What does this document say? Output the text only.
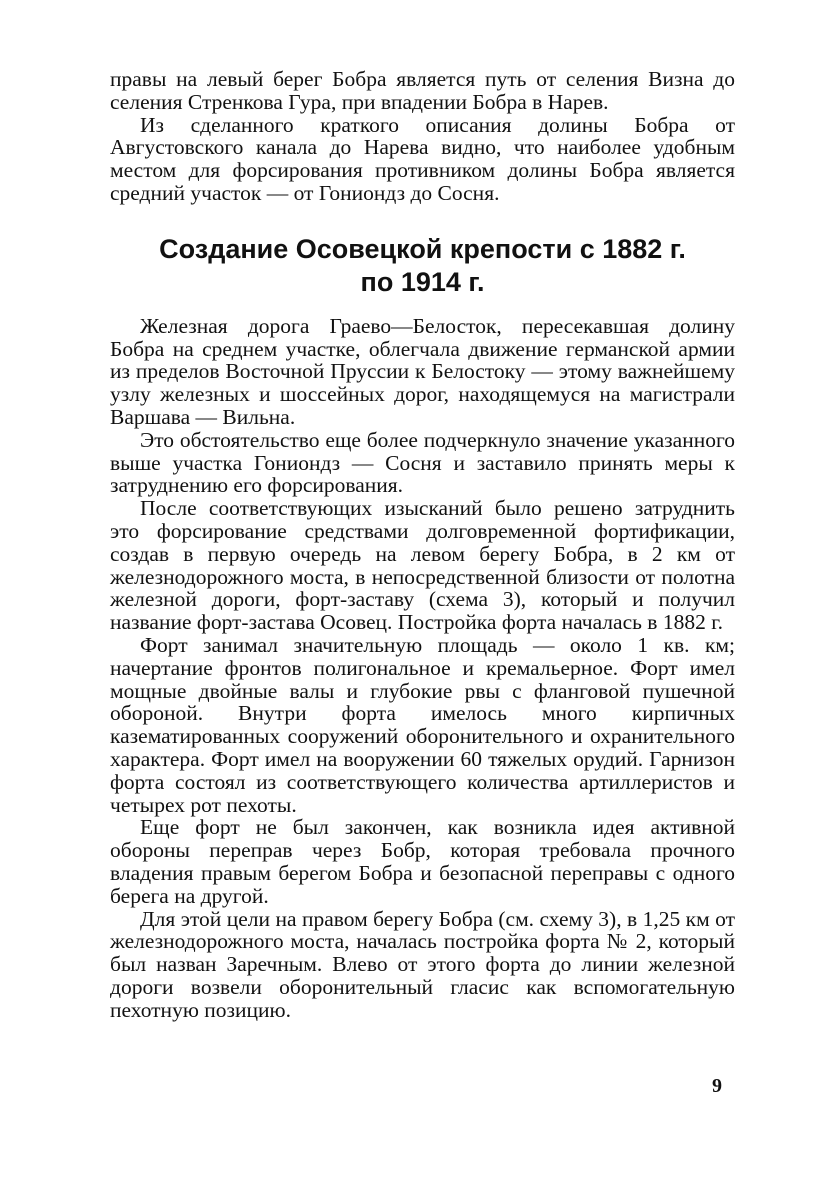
правы на левый берег Бобра является путь от селения Визна до селения Стренкова Гура, при впадении Бобра в Нарев.

Из сделанного краткого описания долины Бобра от Августовского канала до Нарева видно, что наиболее удобным местом для форсирования противником долины Бобра является средний участок — от Гониондз до Сосня.

Создание Осовецкой крепости с 1882 г.
по 1914 г.

Железная дорога Граево—Белосток, пересекавшая долину Бобра на среднем участке, облегчала движение германской армии из пределов Восточной Пруссии к Белостоку — этому важнейшему узлу железных и шоссейных дорог, находящемуся на магистрали Варшава — Вильна.

Это обстоятельство еще более подчеркнуло значение указанного выше участка Гониондз — Сосня и заставило принять меры к затруднению его форсирования.

После соответствующих изысканий было решено затруднить это форсирование средствами долговременной фортификации, создав в первую очередь на левом берегу Бобра, в 2 км от железнодорожного моста, в непосредственной близости от полотна железной дороги, форт-заставу (схема 3), который и получил название форт-застава Осовец. Постройка форта началась в 1882 г.

Форт занимал значительную площадь — около 1 кв. км; начертание фронтов полигональное и кремальерное. Форт имел мощные двойные валы и глубокие рвы с фланговой пушечной обороной. Внутри форта имелось много кирпичных казематированных сооружений оборонительного и охранительного характера. Форт имел на вооружении 60 тяжелых орудий. Гарнизон форта состоял из соответствующего количества артиллеристов и четырех рот пехоты.

Еще форт не был закончен, как возникла идея активной обороны переправ через Бобр, которая требовала прочного владения правым берегом Бобра и безопасной переправы с одного берега на другой.

Для этой цели на правом берегу Бобра (см. схему 3), в 1,25 км от железнодорожного моста, началась постройка форта № 2, который был назван Заречным. Влево от этого форта до линии железной дороги возвели оборонительный гласис как вспомогательную пехотную позицию.

9
